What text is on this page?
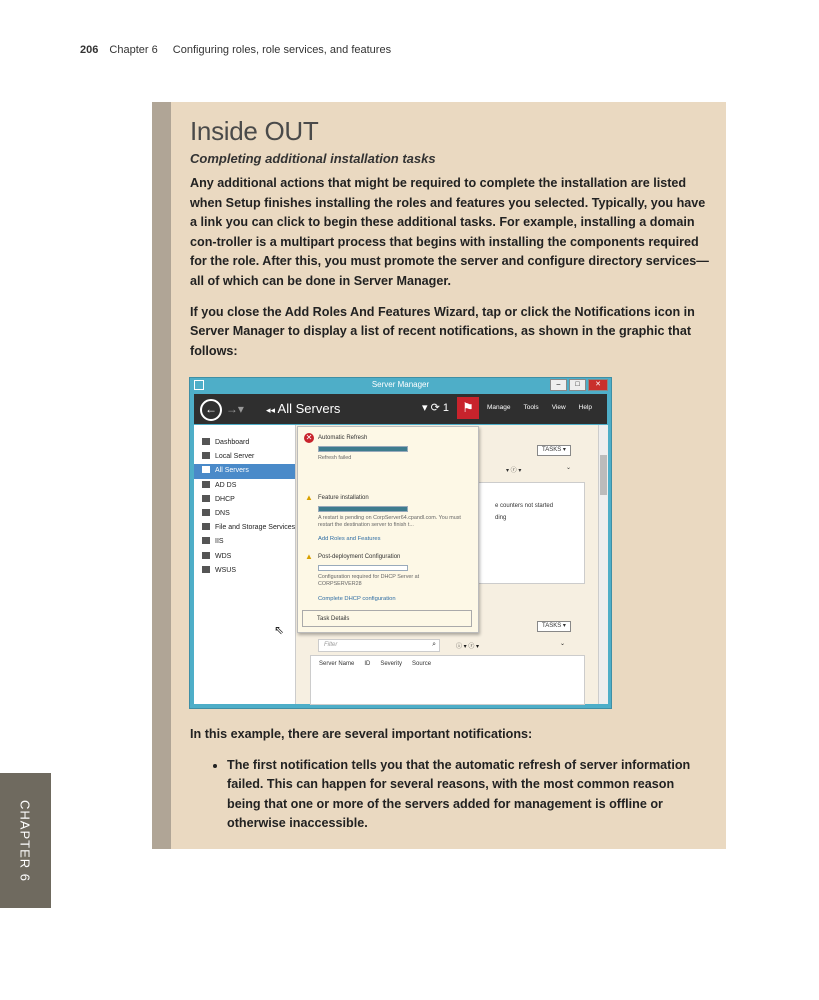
206 Chapter 6 Configuring roles, role services, and features
Inside OUT
Completing additional installation tasks

Any additional actions that might be required to complete the installation are listed when Setup finishes installing the roles and features you selected. Typically, you have a link you can click to begin these additional tasks. For example, installing a domain con-troller is a multipart process that begins with installing the components required for the role. After this, you must promote the server and configure directory services—all of which can be done in Server Manager.

If you close the Add Roles And Features Wizard, tap or click the Notifications icon in Server Manager to display a list of recent notifications, as shown in the graphic that follows:

Server Manager	–	□	✕
← →▾ ◂◂ All Servers	▾ ⟳ 1	⚑	Manage Tools View Help
Dashboard
Local Server
All Servers
AD DS
DHCP
DNS
File and Storage Services
IIS
WDS
WSUS
TASKS ▾
▾ ⓡ ▾	⌄
e counters not started
ding
TASKS ▾
Filter	⌕	ⓘ ▾ ⓡ ▾	⌄
Server Name ID Severity Source
✕ Automatic Refresh
Refresh failed
▲ Feature installation
A restart is pending on CorpServer64.cpandl.com. You must restart the destination server to finish t...
Add Roles and Features
▲ Post-deployment Configuration
Configuration required for DHCP Server at CORPSERVER28
Complete DHCP configuration
Task Details
⇖

In this example, there are several important notifications:

• The first notification tells you that the automatic refresh of server information failed. This can happen for several reasons, with the most common reason being that one or more of the servers added for management is offline or otherwise inaccessible.
CHAPTER 6
